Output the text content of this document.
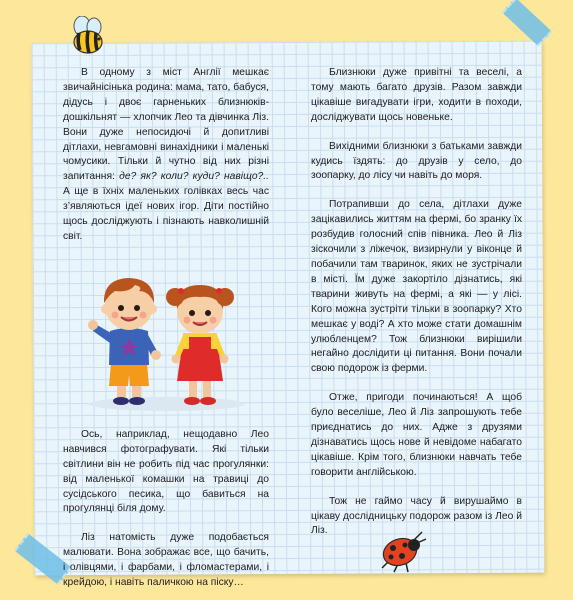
В одному з міст Англії мешкає звичайнісінька родина: мама, тато, бабуся, дідусь і двоє гарненьких близнюків-дошкільнят — хлопчик Лео та дівчинка Ліз. Вони дуже непосидючі й допитливі дітлахи, невгамовні винахідники і маленькі чомусики. Тільки й чутно від них різні запитання: де? як? коли? куди? навіщо?.. А ще в їхніх маленьких голівках весь час з’являються ідеї нових ігор. Діти постійно щось досліджують і пізнають навколишній світ.

Ось, наприклад, нещодавно Лео навчився фотографувати. Які тільки світлини він не робить під час прогулянки: від маленької комашки на травиці до сусідського песика, що бавиться на прогулянці біля дому.

Ліз натомість дуже подобається малювати. Вона зображає все, що бачить, і олівцями, і фарбами, і фломастерами, і крейдою, і навіть паличкою на піску…

Близнюки дуже привітні та веселі, а тому мають багато друзів. Разом завжди цікавіше вигадувати ігри, ходити в походи, досліджувати щось новеньке.

Вихідними близнюки з батьками завжди кудись їздять: до друзів у село, до зоопарку, до лісу чи навіть до моря.

Потрапивши до села, дітлахи дуже зацікавились життям на фермі, бо зранку їх розбудив голосний спів півника. Лео й Ліз зіскочили з ліжечок, визирнули у віконце й побачили там тваринок, яких не зустрічали в місті. Їм дуже закортіло дізнатись, які тварини живуть на фермі, а які — у лісі. Кого можна зустріти тільки в зоопарку? Хто мешкає у воді? А хто може стати домашнім улюбленцем? Тож близнюки вирішили негайно дослідити ці питання. Вони почали свою подорож із ферми.

Отже, пригоди починаються! А щоб було веселіше, Лео й Ліз запрошують тебе приєднатись до них. Адже з друзями дізнаватись щось нове й невідоме набагато цікавіше. Крім того, близнюки навчать тебе говорити англійською.

Тож не гаймо часу й вирушаймо в цікаву дослідницьку подорож разом із Лео й Ліз.
